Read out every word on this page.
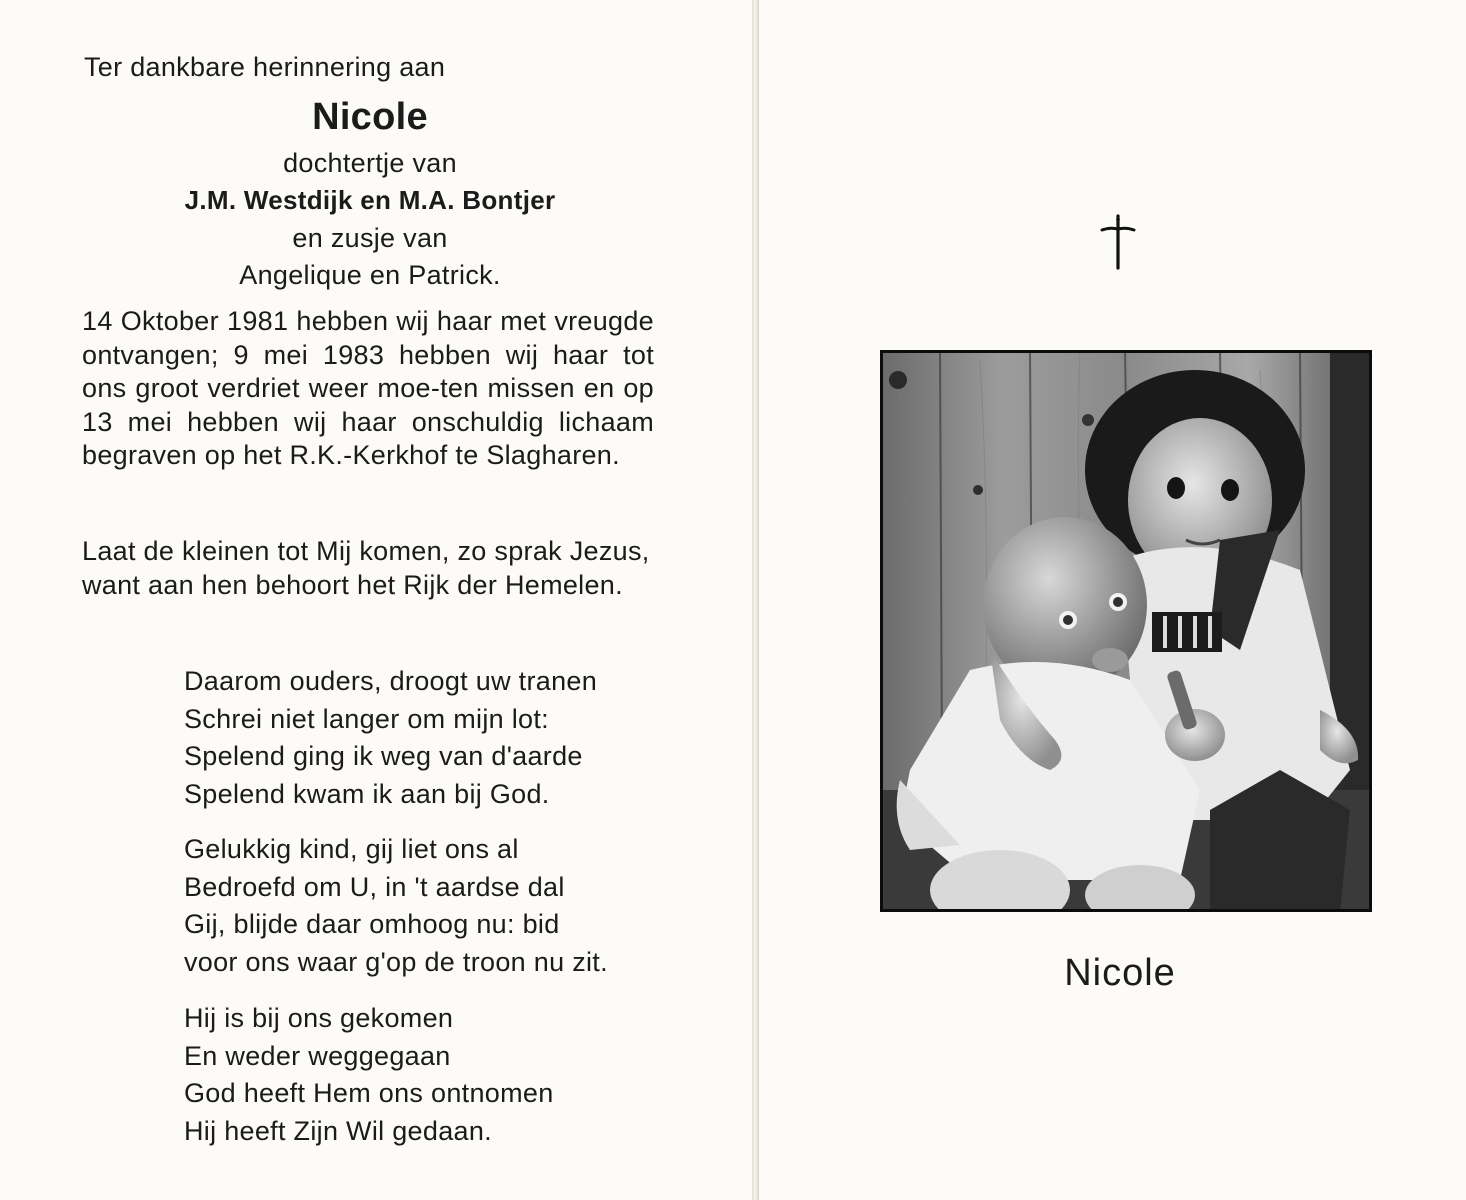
Ter dankbare herinnering aan

Nicole

dochtertje van

J.M. Westdijk en M.A. Bontjer

en zusje van

Angelique en Patrick.

14 Oktober 1981 hebben wij haar met vreugde ontvangen; 9 mei 1983 hebben wij haar tot ons groot verdriet weer moe-ten missen en op 13 mei hebben wij haar onschuldig lichaam begraven op het R.K.-Kerkhof te Slagharen.

Laat de kleinen tot Mij komen, zo sprak Jezus, want aan hen behoort het Rijk der Hemelen.

Daarom ouders, droogt uw tranen
Schrei niet langer om mijn lot:
Spelend ging ik weg van d'aarde
Spelend kwam ik aan bij God.
Gelukkig kind, gij liet ons al
Bedroefd om U, in 't aardse dal
Gij, blijde daar omhoog nu: bid
voor ons waar g'op de troon nu zit.
Hij is bij ons gekomen
En weder weggegaan
God heeft Hem ons ontnomen
Hij heeft Zijn Wil gedaan.

Nicole
